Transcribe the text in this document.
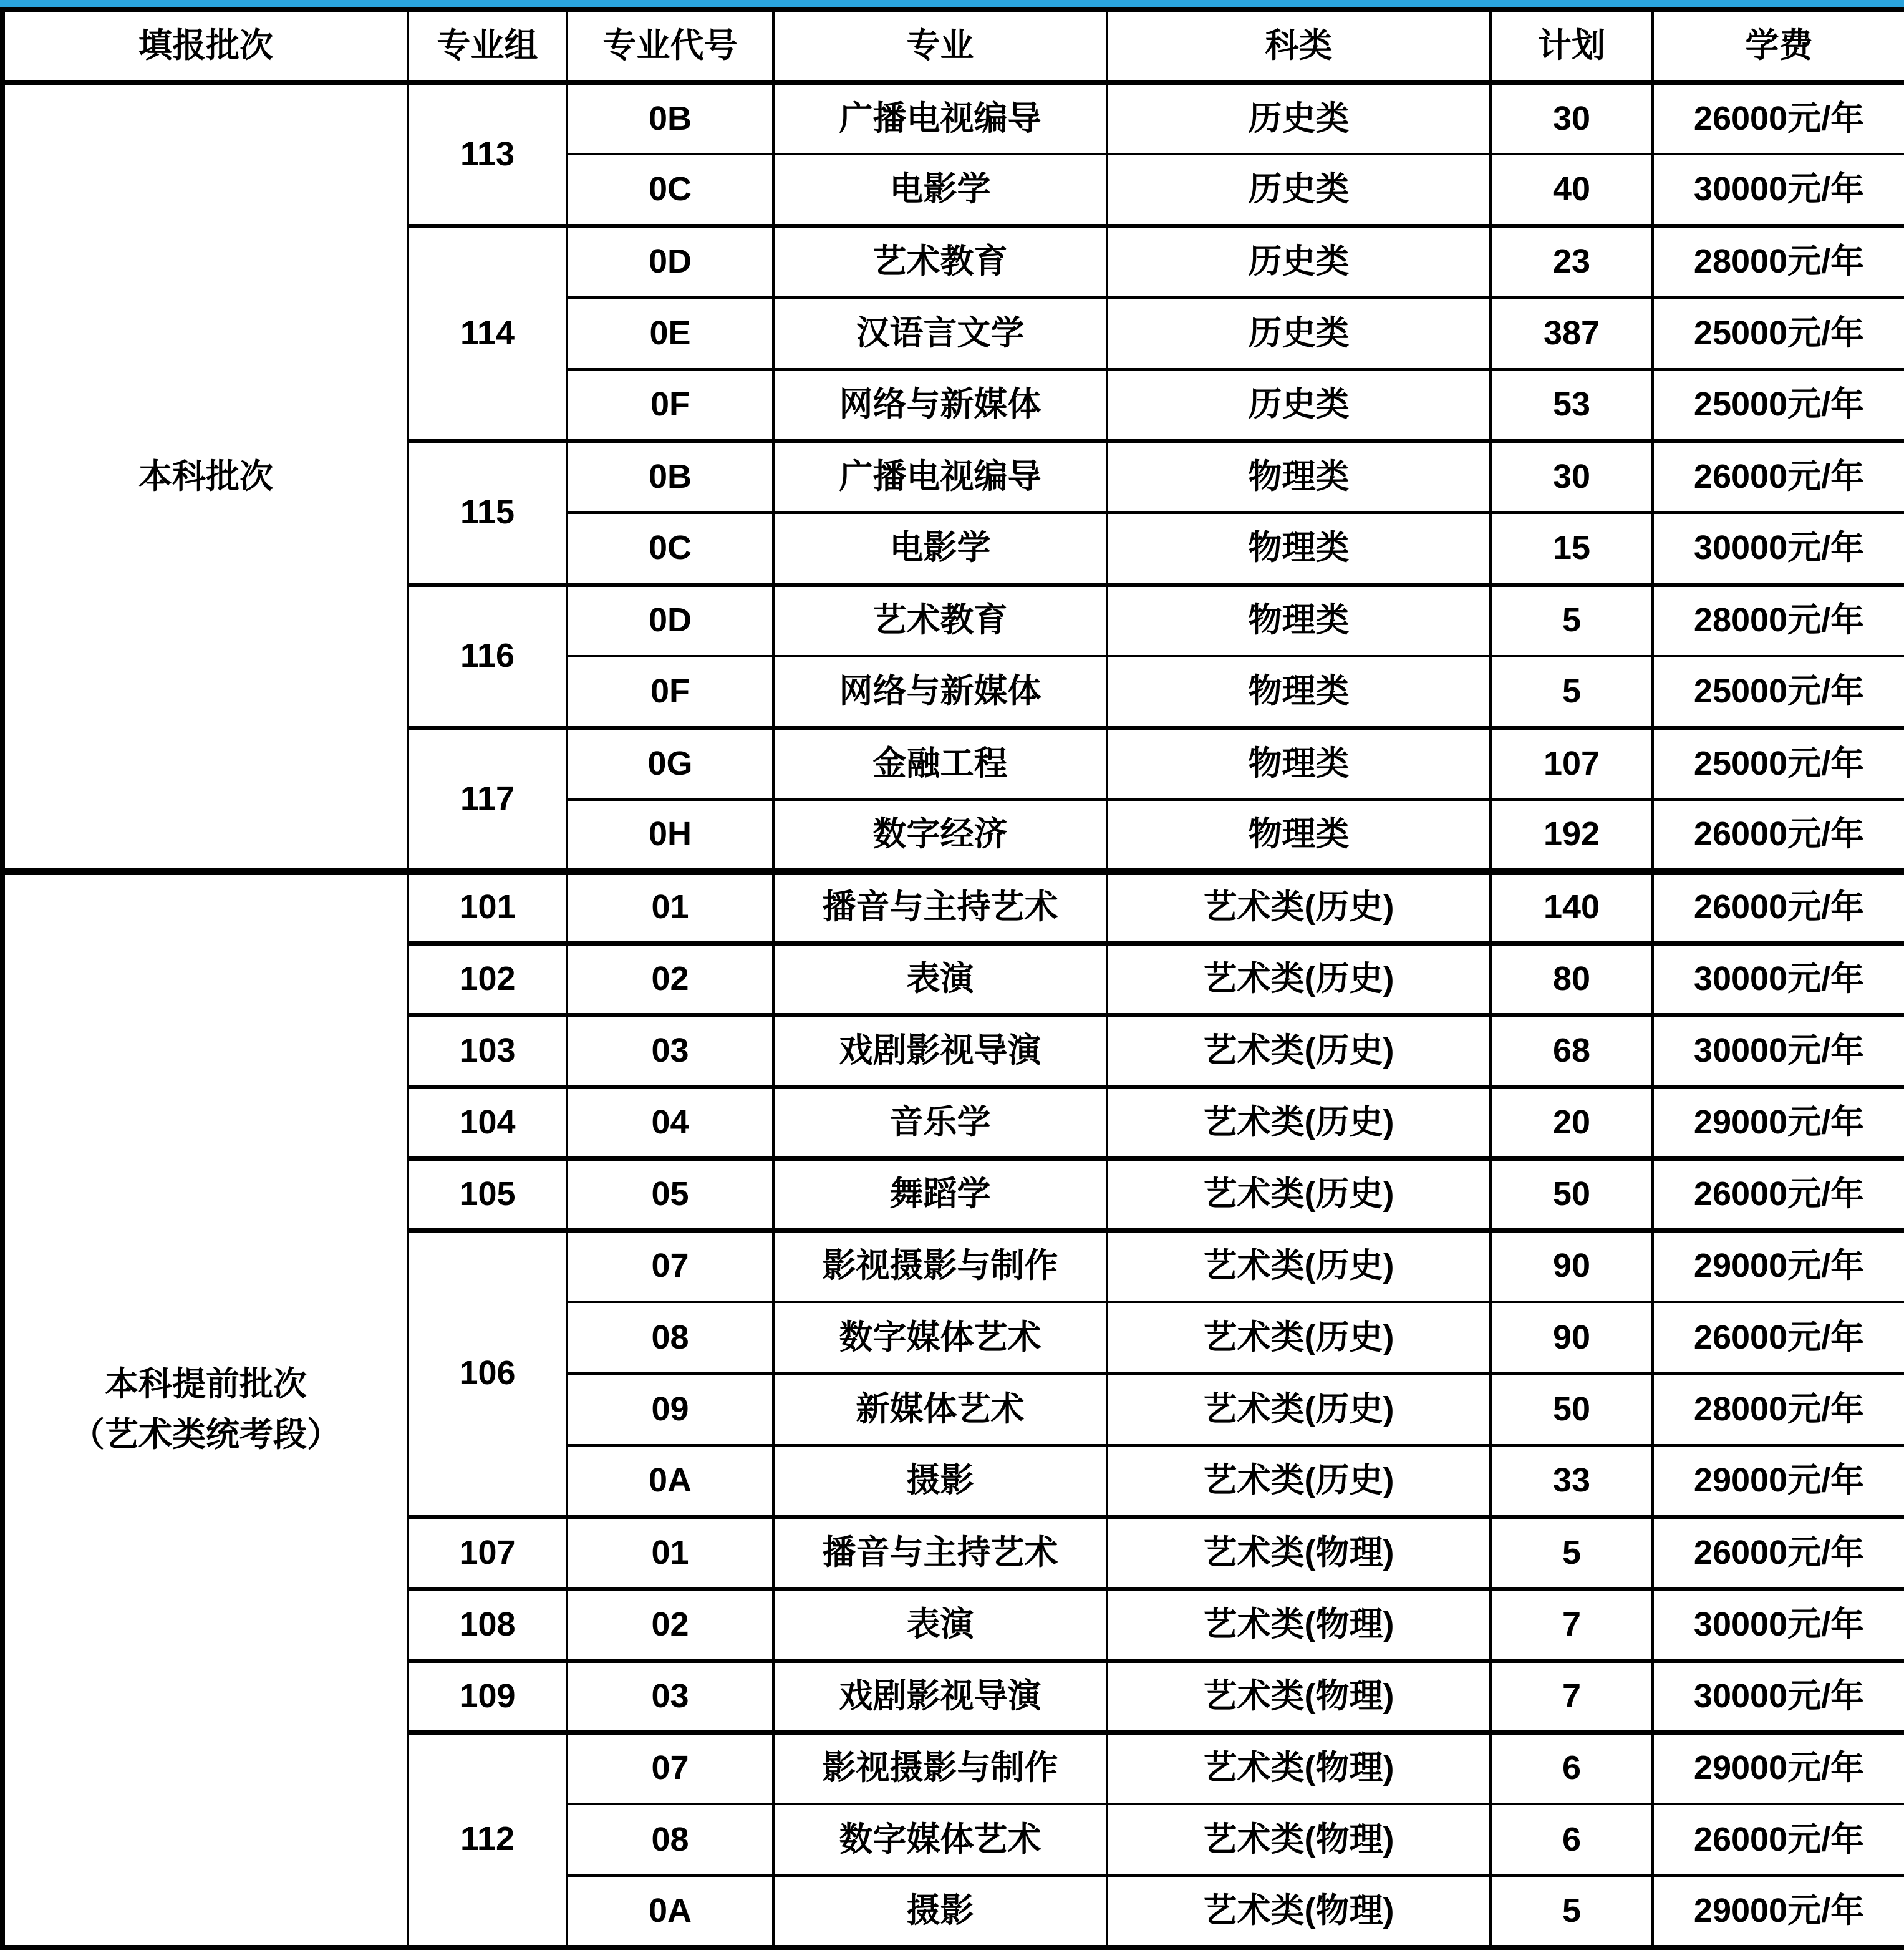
填报批次	专业组	专业代号	专业	科类	计划	学费

本科批次	113	0B	广播电视编导	历史类	30	26000元/年
		0C	电影学	历史类	40	30000元/年
	114	0D	艺术教育	历史类	23	28000元/年
		0E	汉语言文学	历史类	387	25000元/年
		0F	网络与新媒体	历史类	53	25000元/年
	115	0B	广播电视编导	物理类	30	26000元/年
		0C	电影学	物理类	15	30000元/年
	116	0D	艺术教育	物理类	5	28000元/年
		0F	网络与新媒体	物理类	5	25000元/年
	117	0G	金融工程	物理类	107	25000元/年
		0H	数字经济	物理类	192	26000元/年

本科提前批次
（艺术类统考段）	101	01	播音与主持艺术	艺术类(历史)	140	26000元/年
	102	02	表演	艺术类(历史)	80	30000元/年
	103	03	戏剧影视导演	艺术类(历史)	68	30000元/年
	104	04	音乐学	艺术类(历史)	20	29000元/年
	105	05	舞蹈学	艺术类(历史)	50	26000元/年
	106	07	影视摄影与制作	艺术类(历史)	90	29000元/年
		08	数字媒体艺术	艺术类(历史)	90	26000元/年
		09	新媒体艺术	艺术类(历史)	50	28000元/年
		0A	摄影	艺术类(历史)	33	29000元/年
	107	01	播音与主持艺术	艺术类(物理)	5	26000元/年
	108	02	表演	艺术类(物理)	7	30000元/年
	109	03	戏剧影视导演	艺术类(物理)	7	30000元/年
	112	07	影视摄影与制作	艺术类(物理)	6	29000元/年
		08	数字媒体艺术	艺术类(物理)	6	26000元/年
		0A	摄影	艺术类(物理)	5	29000元/年
